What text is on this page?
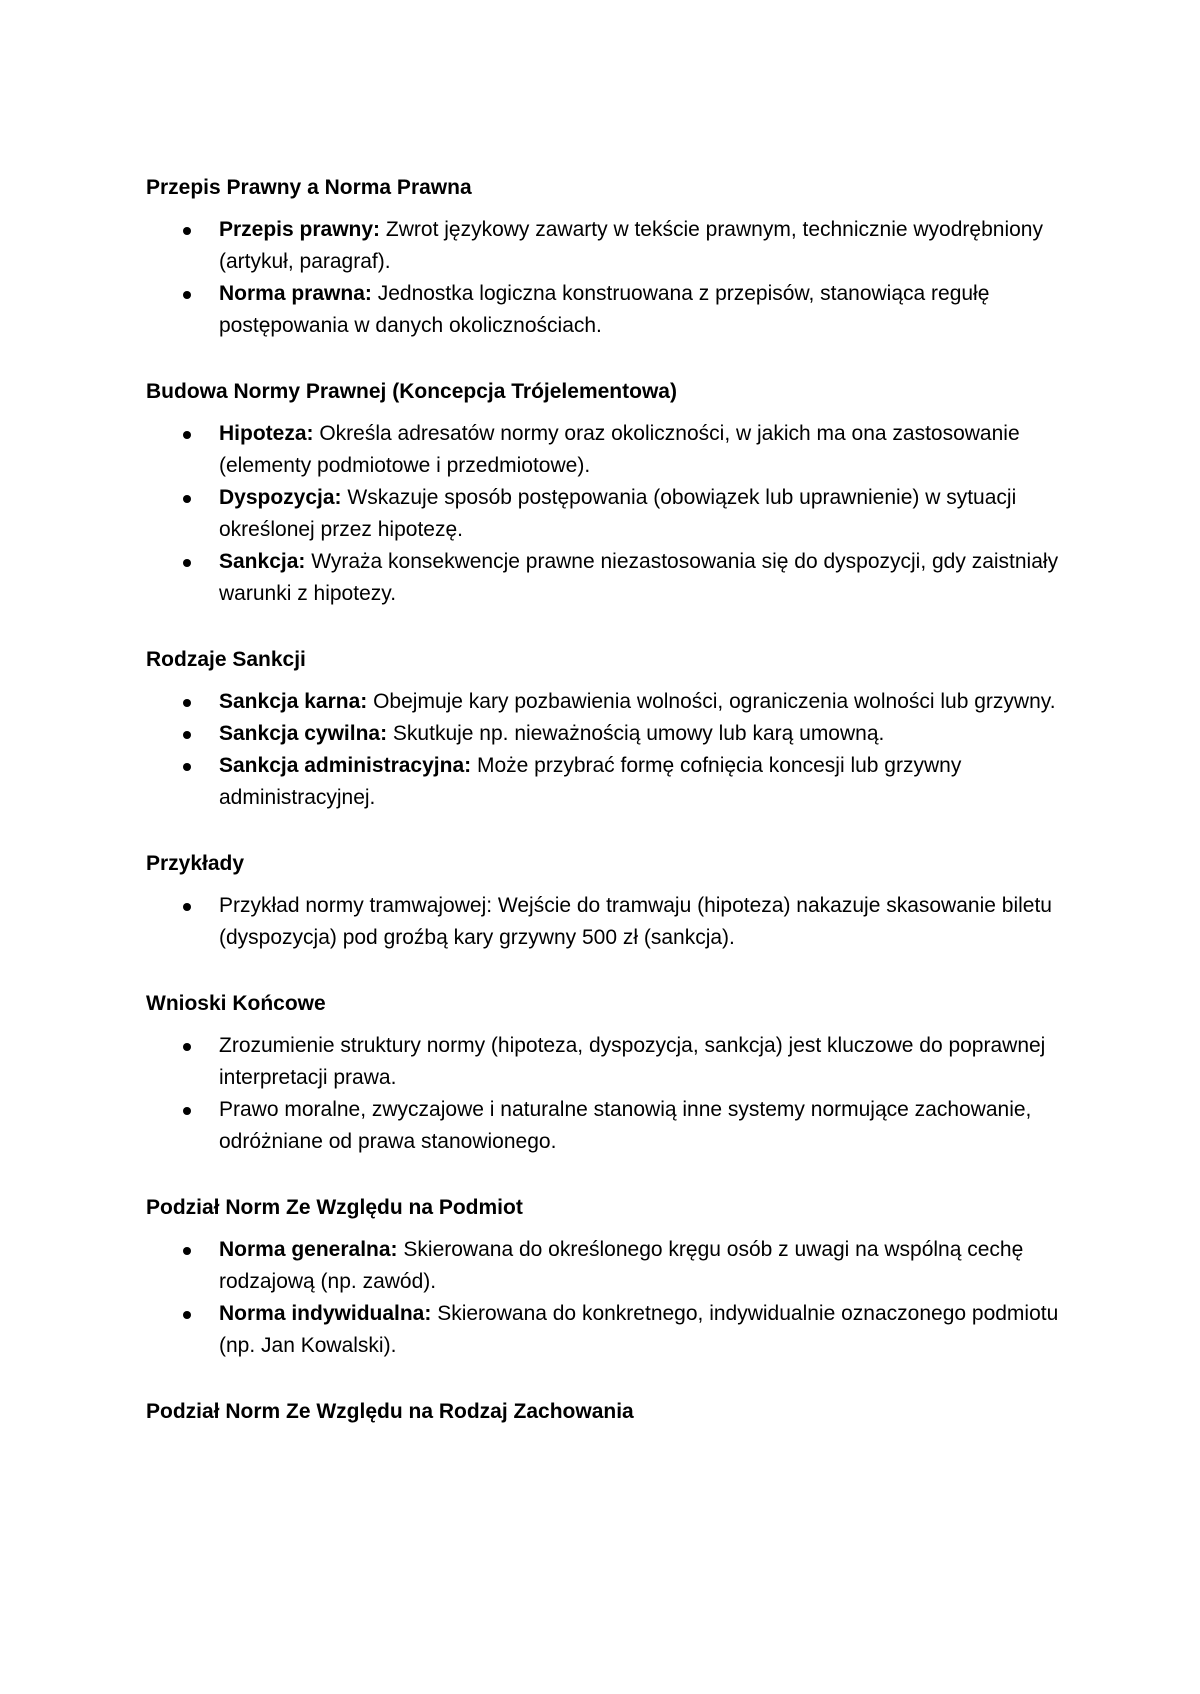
Przepis Prawny a Norma Prawna
Przepis prawny: Zwrot językowy zawarty w tekście prawnym, technicznie wyodrębniony (artykuł, paragraf).
Norma prawna: Jednostka logiczna konstruowana z przepisów, stanowiąca regułę postępowania w danych okolicznościach.
Budowa Normy Prawnej (Koncepcja Trójelementowa)
Hipoteza: Określa adresatów normy oraz okoliczności, w jakich ma ona zastosowanie (elementy podmiotowe i przedmiotowe).
Dyspozycja: Wskazuje sposób postępowania (obowiązek lub uprawnienie) w sytuacji określonej przez hipotezę.
Sankcja: Wyraża konsekwencje prawne niezastosowania się do dyspozycji, gdy zaistniały warunki z hipotezy.
Rodzaje Sankcji
Sankcja karna: Obejmuje kary pozbawienia wolności, ograniczenia wolności lub grzywny.
Sankcja cywilna: Skutkuje np. nieważnością umowy lub karą umowną.
Sankcja administracyjna: Może przybrać formę cofnięcia koncesji lub grzywny administracyjnej.
Przykłady
Przykład normy tramwajowej: Wejście do tramwaju (hipoteza) nakazuje skasowanie biletu (dyspozycja) pod groźbą kary grzywny 500 zł (sankcja).
Wnioski Końcowe
Zrozumienie struktury normy (hipoteza, dyspozycja, sankcja) jest kluczowe do poprawnej interpretacji prawa.
Prawo moralne, zwyczajowe i naturalne stanowią inne systemy normujące zachowanie, odróżniane od prawa stanowionego.
Podział Norm Ze Względu na Podmiot
Norma generalna: Skierowana do określonego kręgu osób z uwagi na wspólną cechę rodzajową (np. zawód).
Norma indywidualna: Skierowana do konkretnego, indywidualnie oznaczonego podmiotu (np. Jan Kowalski).
Podział Norm Ze Względu na Rodzaj Zachowania
